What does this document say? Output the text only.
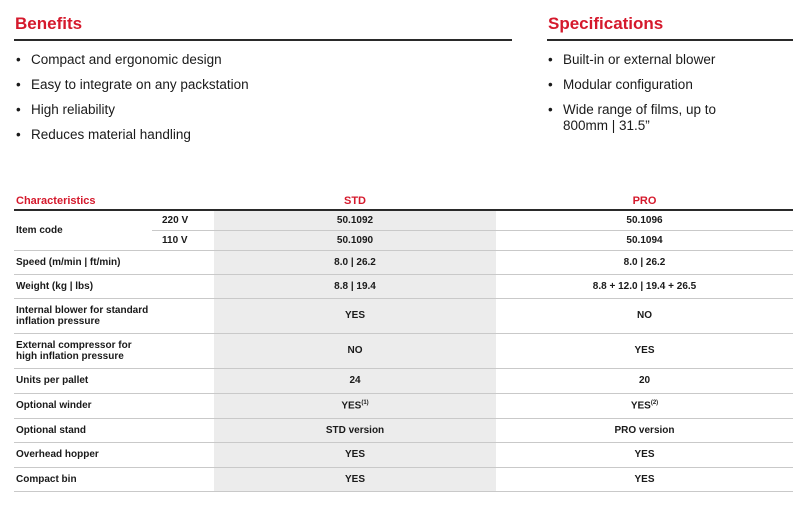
Benefits
• Compact and ergonomic design
• Easy to integrate on any packstation
• High reliability
• Reduces material handling
Specifications
• Built-in or external blower
• Modular configuration
• Wide range of films, up to 800mm | 31.5”
Characteristics		STD	PRO
Item code	220 V	50.1092	50.1096
	110 V	50.1090	50.1094
Speed (m/min | ft/min)		8.0 | 26.2	8.0 | 26.2
Weight (kg | lbs)		8.8 | 19.4	8.8 + 12.0 | 19.4 + 26.5
Internal blower for standard inflation pressure		YES	NO
External compressor for high inflation pressure		NO	YES
Units per pallet		24	20
Optional winder		YES$^{(1)}$	YES$^{(2)}$
Optional stand		STD version	PRO version
Overhead hopper		YES	YES
Compact bin		YES	YES
